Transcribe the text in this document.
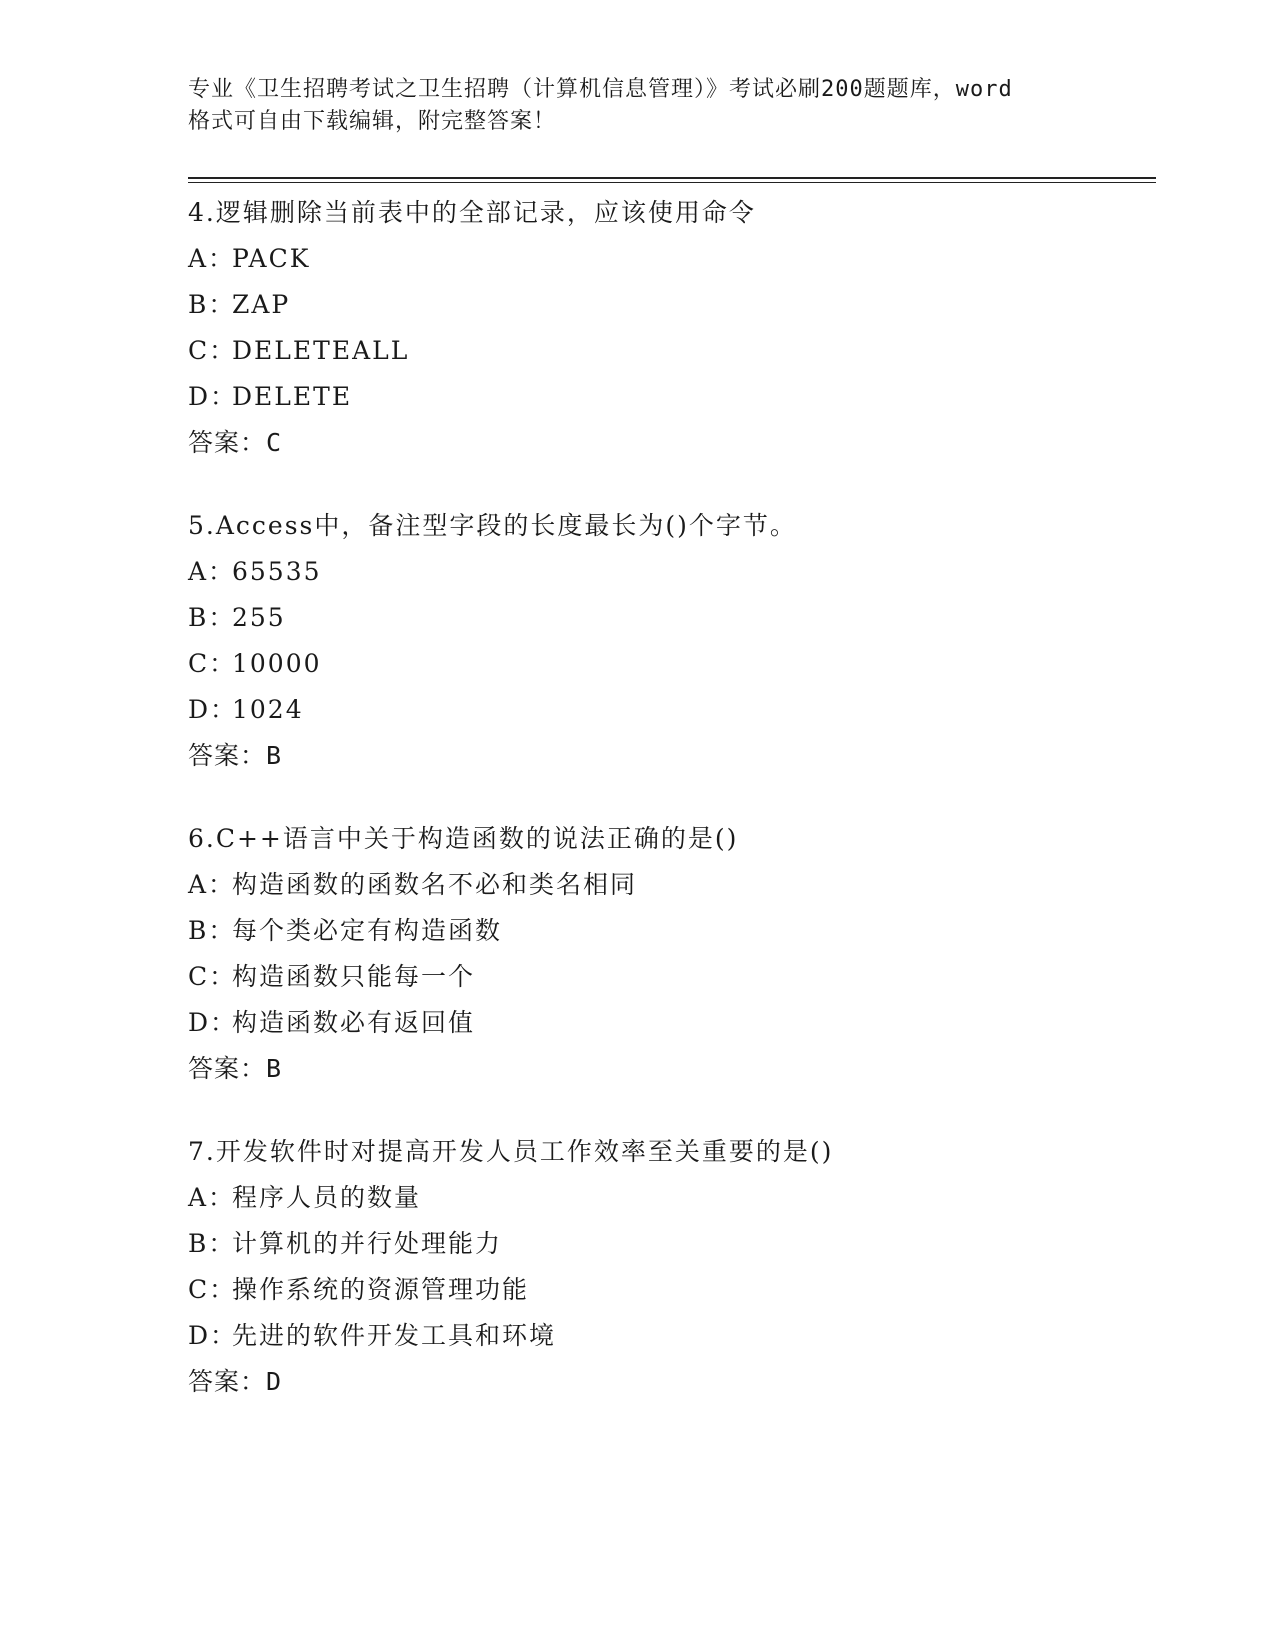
专业《卫生招聘考试之卫生招聘（计算机信息管理）》考试必刷200题题库，word
格式可自由下载编辑，附完整答案！
4.逻辑删除当前表中的全部记录，应该使用命令
A：PACK
B：ZAP
C：DELETEALL
D：DELETE
答案：C
5.Access中，备注型字段的长度最长为()个字节。
A：65535
B：255
C：10000
D：1024
答案：B
6.C++语言中关于构造函数的说法正确的是()
A：构造函数的函数名不必和类名相同
B：每个类必定有构造函数
C：构造函数只能每一个
D：构造函数必有返回值
答案：B
7.开发软件时对提高开发人员工作效率至关重要的是()
A：程序人员的数量
B：计算机的并行处理能力
C：操作系统的资源管理功能
D：先进的软件开发工具和环境
答案：D
